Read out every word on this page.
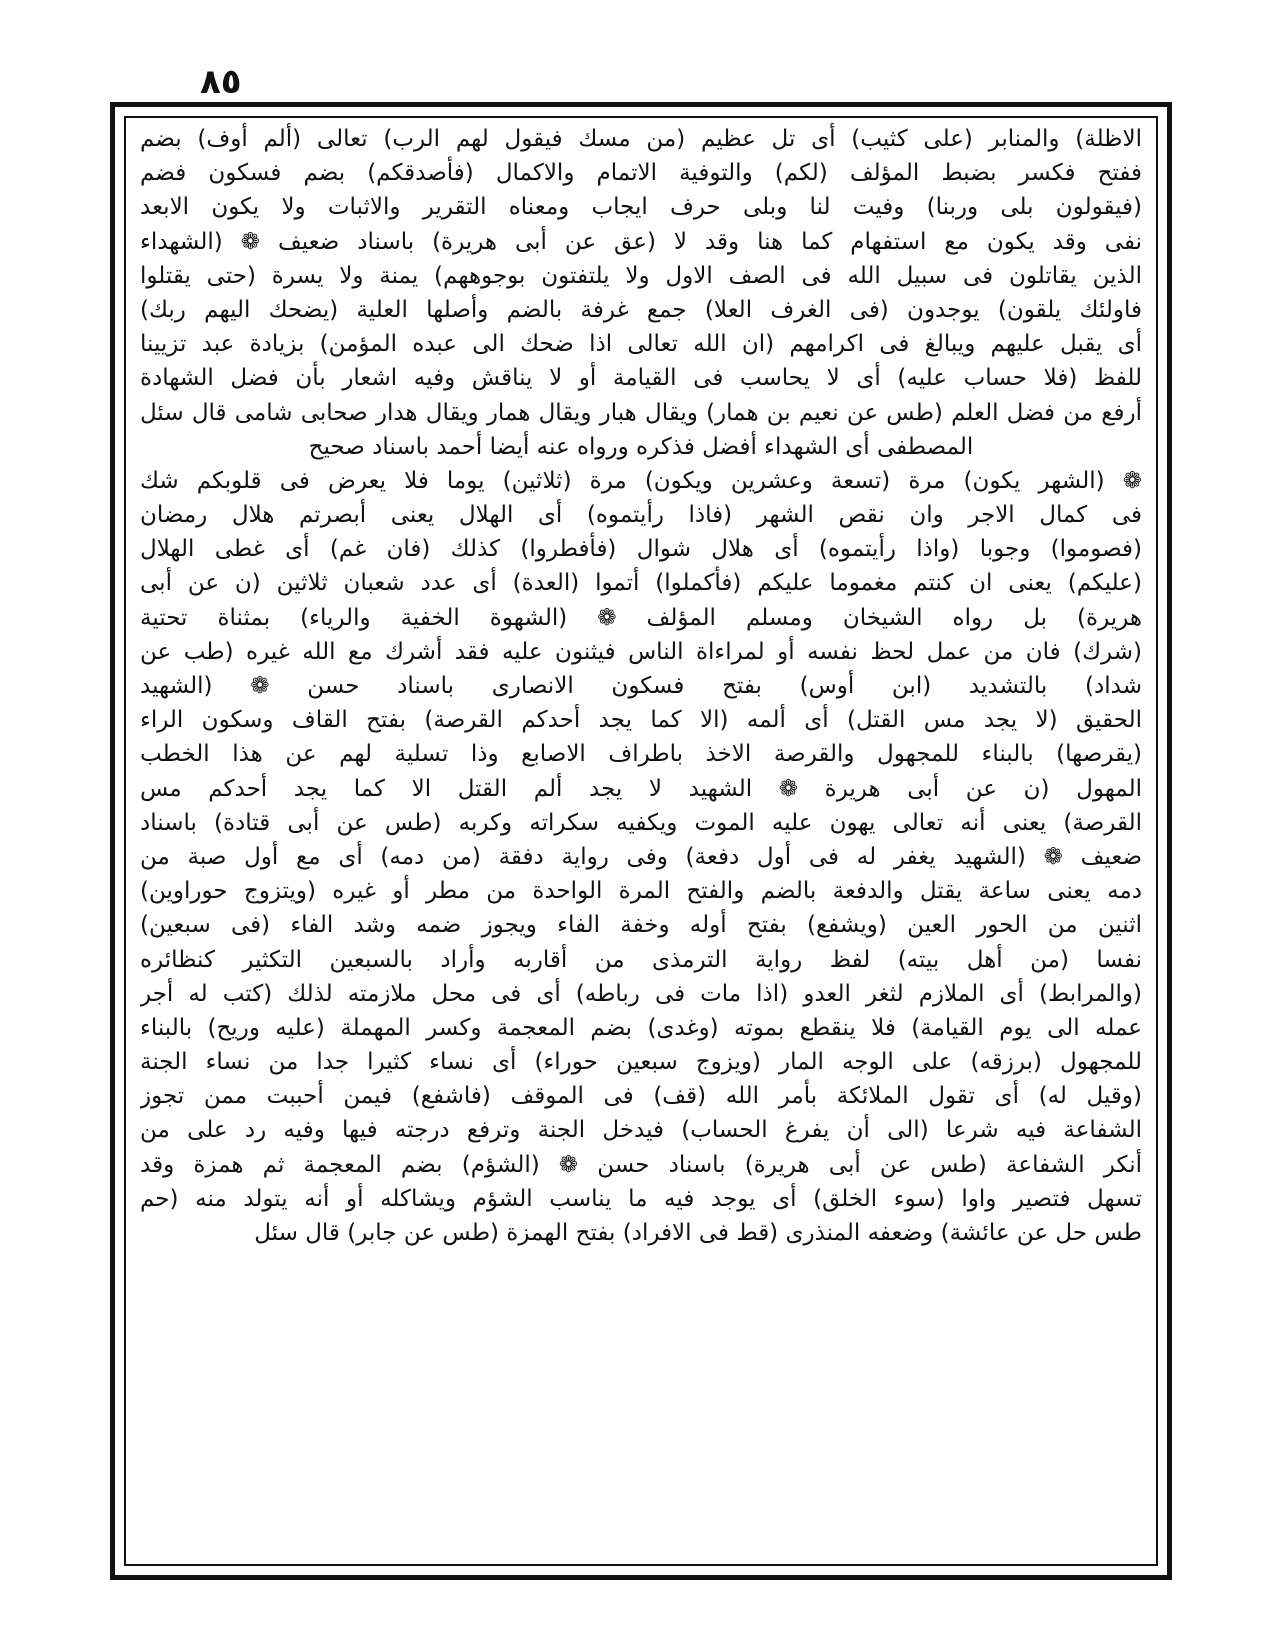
٨٥
الاظلة) والمنابر (على كثيب) أى تل عظيم (من مسك فيقول لهم الرب) تعالى (ألم أوف) بضم
ففتح فكسر بضبط المؤلف (لكم) والتوفية الاتمام والاكمال (فأصدقكم) بضم فسكون فضم
(فيقولون بلى وربنا) وفيت لنا وبلى حرف ايجاب ومعناه التقرير والاثبات ولا يكون الابعد
نفى وقد يكون مع استفهام كما هنا وقد لا (عق عن أبى هريرة) باسناد ضعيف ❁ (الشهداء
الذين يقاتلون فى سبيل الله فى الصف الاول ولا يلتفتون بوجوههم) يمنة ولا يسرة (حتى يقتلوا
فاولئك يلقون) يوجدون (فى الغرف العلا) جمع غرفة بالضم وأصلها العلية (يضحك اليهم ربك)
أى يقبل عليهم ويبالغ فى اكرامهم (ان الله تعالى اذا ضحك الى عبده المؤمن) بزيادة عبد تزيينا
للفظ (فلا حساب عليه) أى لا يحاسب فى القيامة أو لا يناقش وفيه اشعار بأن فضل الشهادة
أرفع من فضل العلم (طس عن نعيم بن همار) ويقال هبار ويقال همار ويقال هدار صحابى شامى قال سئل
المصطفى أى الشهداء أفضل فذكره ورواه عنه أيضا أحمد باسناد صحيح
❁ (الشهر يكون) مرة (تسعة وعشرين ويكون) مرة (ثلاثين) يوما فلا يعرض فى قلوبكم شك
فى كمال الاجر وان نقص الشهر (فاذا رأيتموه) أى الهلال يعنى أبصرتم هلال رمضان
(فصوموا) وجوبا (واذا رأيتموه) أى هلال شوال (فأفطروا) كذلك (فان غم) أى غطى الهلال
(عليكم) يعنى ان كنتم مغموما عليكم (فأكملوا) أتموا (العدة) أى عدد شعبان ثلاثين (ن عن أبى
هريرة) بل رواه الشيخان ومسلم المؤلف ❁ (الشهوة الخفية والرياء) بمثناة تحتية
(شرك) فان من عمل لحظ نفسه أو لمراءاة الناس فيثنون عليه فقد أشرك مع الله غيره (طب عن
شداد) بالتشديد (ابن أوس) بفتح فسكون الانصارى باسناد حسن ❁ (الشهيد
الحقيق (لا يجد مس القتل) أى ألمه (الا كما يجد أحدكم القرصة) بفتح القاف وسكون الراء
(يقرصها) بالبناء للمجهول والقرصة الاخذ باطراف الاصابع وذا تسلية لهم عن هذا الخطب
المهول (ن عن أبى هريرة ❁ الشهيد لا يجد ألم القتل الا كما يجد أحدكم مس
القرصة) يعنى أنه تعالى يهون عليه الموت ويكفيه سكراته وكربه (طس عن أبى قتادة) باسناد
ضعيف ❁ (الشهيد يغفر له فى أول دفعة) وفى رواية دفقة (من دمه) أى مع أول صبة من
دمه يعنى ساعة يقتل والدفعة بالضم والفتح المرة الواحدة من مطر أو غيره (ويتزوج حوراوين)
اثنين من الحور العين (ويشفع) بفتح أوله وخفة الفاء ويجوز ضمه وشد الفاء (فى سبعين)
نفسا (من أهل بيته) لفظ رواية الترمذى من أقاربه وأراد بالسبعين التكثير كنظائره
(والمرابط) أى الملازم لثغر العدو (اذا مات فى رباطه) أى فى محل ملازمته لذلك (كتب له أجر
عمله الى يوم القيامة) فلا ينقطع بموته (وغدى) بضم المعجمة وكسر المهملة (عليه وريح) بالبناء
للمجهول (برزقه) على الوجه المار (ويزوج سبعين حوراء) أى نساء كثيرا جدا من نساء الجنة
(وقيل له) أى تقول الملائكة بأمر الله (قف) فى الموقف (فاشفع) فيمن أحببت ممن تجوز
الشفاعة فيه شرعا (الى أن يفرغ الحساب) فيدخل الجنة وترفع درجته فيها وفيه رد على من
أنكر الشفاعة (طس عن أبى هريرة) باسناد حسن ❁ (الشؤم) بضم المعجمة ثم همزة وقد
تسهل فتصير واوا (سوء الخلق) أى يوجد فيه ما يناسب الشؤم ويشاكله أو أنه يتولد منه (حم
طس حل عن عائشة) وضعفه المنذرى (قط فى الافراد) بفتح الهمزة (طس عن جابر) قال سئل
